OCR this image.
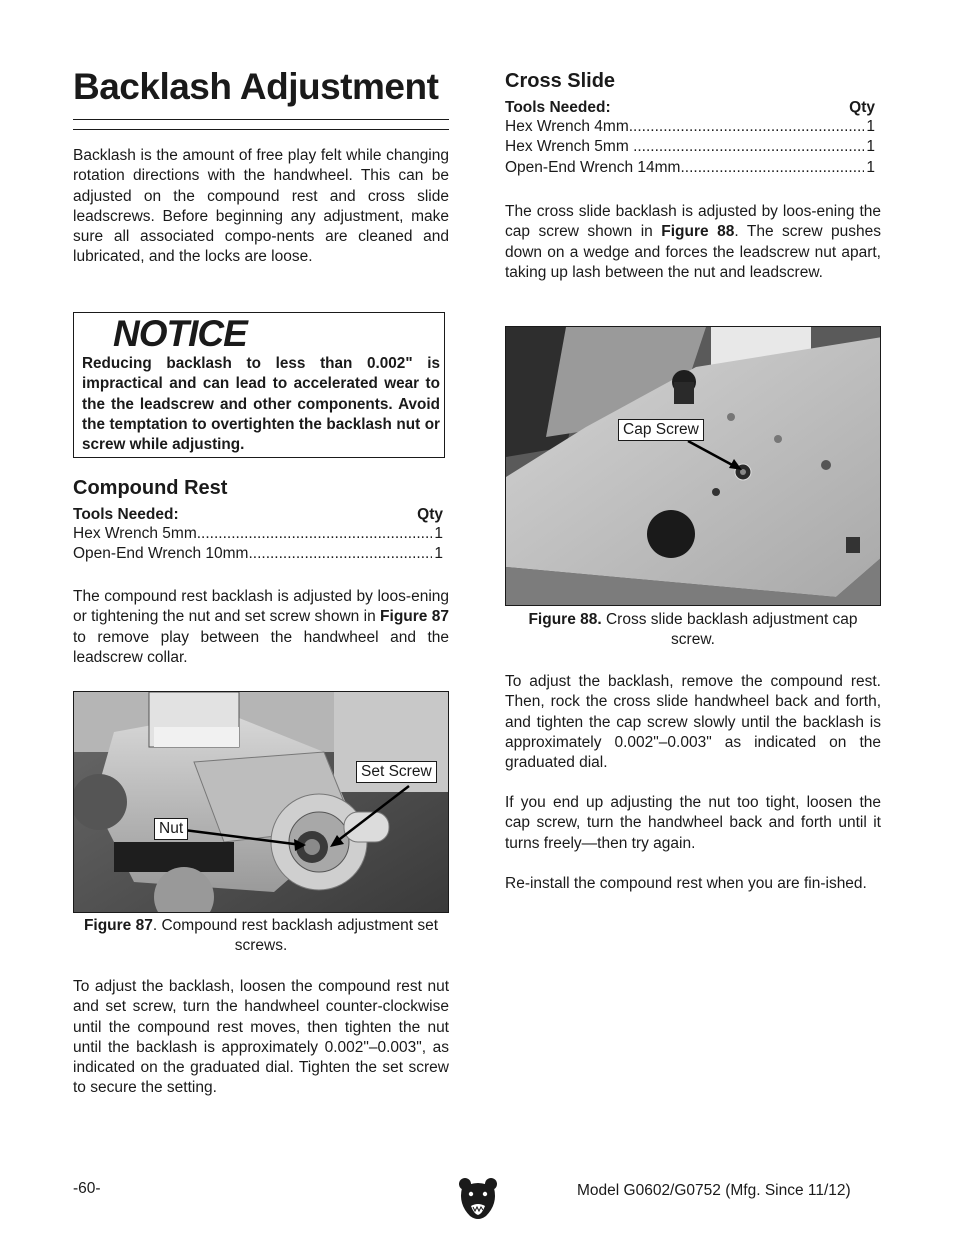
Backlash Adjustment

Backlash is the amount of free play felt while changing rotation directions with the handwheel. This can be adjusted on the compound rest and cross slide leadscrews. Before beginning any adjustment, make sure all associated compo-nents are cleaned and lubricated, and the locks are loose.

NOTICE

Reducing backlash to less than 0.002" is impractical and can lead to accelerated wear to the the leadscrew and other components. Avoid the temptation to overtighten the backlash nut or screw while adjusting.

Compound Rest
Tools Needed:	Qty
Hex Wrench 5mm .....	1
Open-End Wrench 10mm .....	1

The compound rest backlash is adjusted by loos-ening or tightening the nut and set screw shown in Figure 87 to remove play between the handwheel and the leadscrew collar.

Set Screw
Nut

Figure 87. Compound rest backlash adjustment set screws.

To adjust the backlash, loosen the compound rest nut and set screw, turn the handwheel counter-clockwise until the compound rest moves, then tighten the nut until the backlash is approximately 0.002"–0.003", as indicated on the graduated dial. Tighten the set screw to secure the setting.

Cross Slide
Tools Needed:	Qty
Hex Wrench 4mm .....	1
Hex Wrench 5mm .....	1
Open-End Wrench 14mm .....	1

The cross slide backlash is adjusted by loos-ening the cap screw shown in Figure 88. The screw pushes down on a wedge and forces the leadscrew nut apart, taking up lash between the nut and leadscrew.

Cap Screw

Figure 88. Cross slide backlash adjustment cap screw.

To adjust the backlash, remove the compound rest. Then, rock the cross slide handwheel back and forth, and tighten the cap screw slowly until the backlash is approximately 0.002"–0.003" as indicated on the graduated dial.

If you end up adjusting the nut too tight, loosen the cap screw, turn the handwheel back and forth until it turns freely—then try again.

Re-install the compound rest when you are fin-ished.

-60-	Model G0602/G0752 (Mfg. Since 11/12)
